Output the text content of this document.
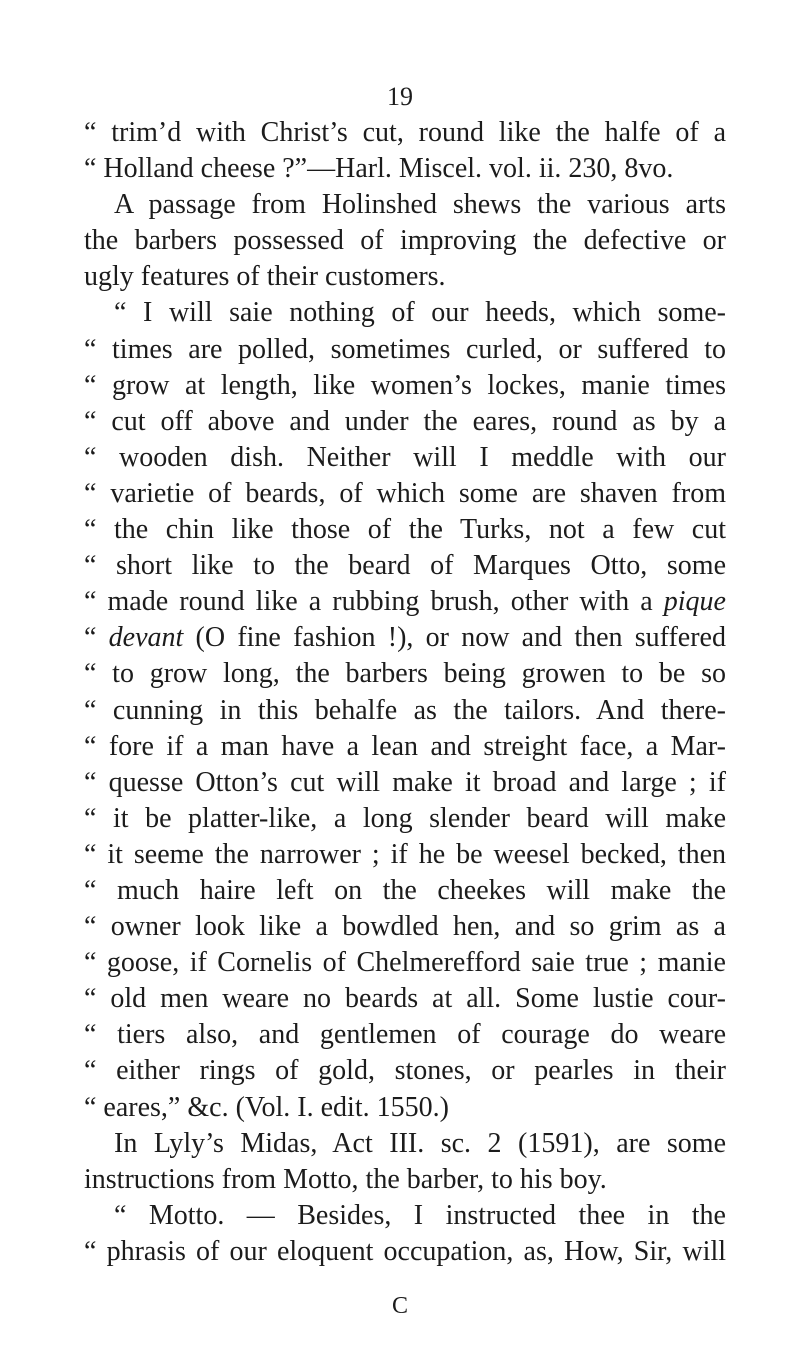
19
“ trim’d with Christ’s cut, round like the halfe of a
“ Holland cheese ?”—Harl. Miscel. vol. ii. 230, 8vo.
A passage from Holinshed shews the various arts
the barbers possessed of improving the defective or
ugly features of their customers.
“ I will saie nothing of our heeds, which some-
“ times are polled, sometimes curled, or suffered to
“ grow at length, like women’s lockes, manie times
“ cut off above and under the eares, round as by a
“ wooden dish. Neither will I meddle with our
“ varietie of beards, of which some are shaven from
“ the chin like those of the Turks, not a few cut
“ short like to the beard of Marques Otto, some
“ made round like a rubbing brush, other with a pique
“ devant (O fine fashion !), or now and then suffered
“ to grow long, the barbers being growen to be so
“ cunning in this behalfe as the tailors. And there-
“ fore if a man have a lean and streight face, a Mar-
“ quesse Otton’s cut will make it broad and large ; if
“ it be platter-like, a long slender beard will make
“ it seeme the narrower ; if he be weesel becked, then
“ much haire left on the cheekes will make the
“ owner look like a bowdled hen, and so grim as a
“ goose, if Cornelis of Chelmerefford saie true ; manie
“ old men weare no beards at all. Some lustie cour-
“ tiers also, and gentlemen of courage do weare
“ either rings of gold, stones, or pearles in their
“ eares,” &c. (Vol. I. edit. 1550.)
In Lyly’s Midas, Act III. sc. 2 (1591), are some
instructions from Motto, the barber, to his boy.
“ Motto. — Besides, I instructed thee in the
“ phrasis of our eloquent occupation, as, How, Sir, will
C
